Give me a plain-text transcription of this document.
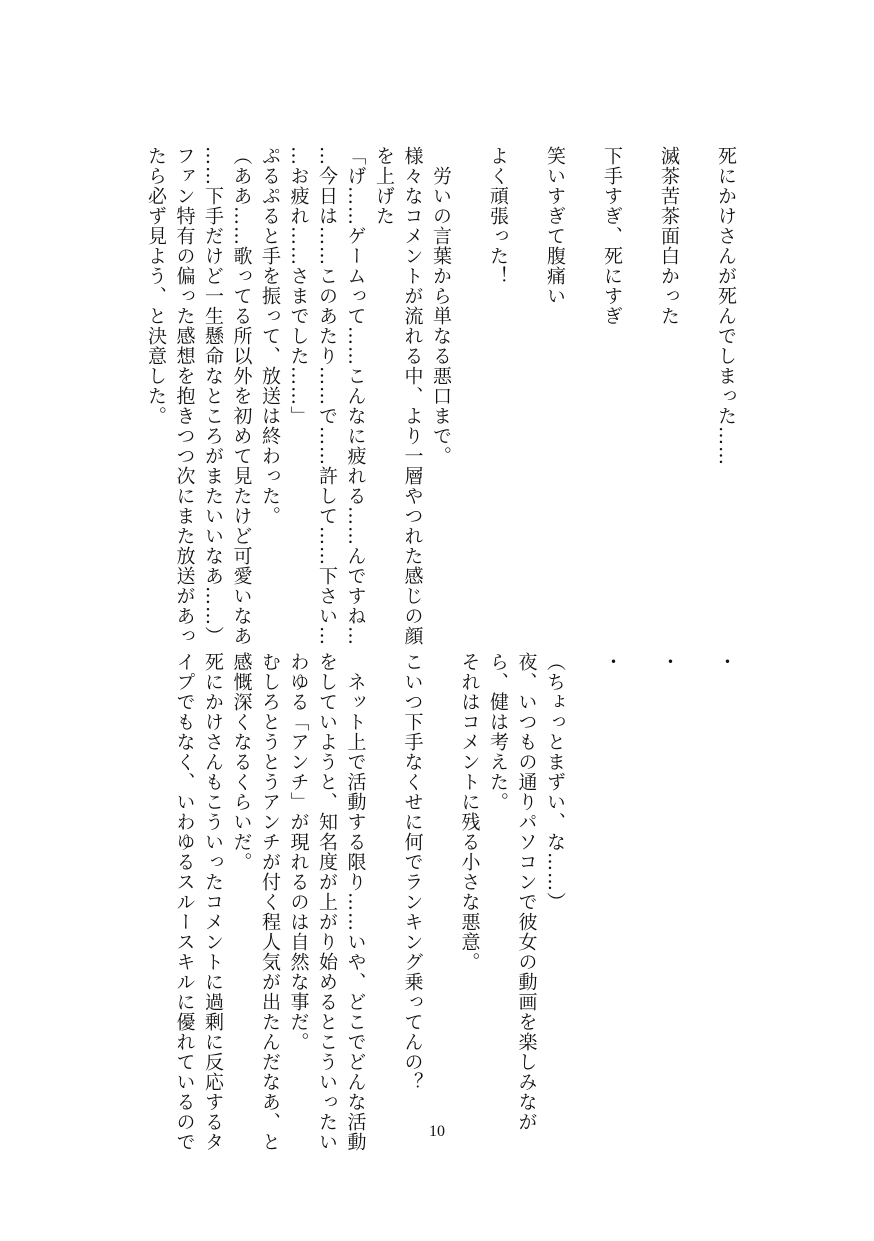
死にかけさんが死んでしまった……
滅茶苦茶面白かった
下手すぎ、死にすぎ
笑いすぎて腹痛い
よく頑張った！
　労いの言葉から単なる悪口まで。
様々なコメントが流れる中、より一層やつれた感じの顔
を上げた
「げ……ゲームって……こんなに疲れる……んですね…
…今日は……このあたり……で……許して……下さい…
…お疲れ……さまでした……」
ぷるぷると手を振って、放送は終わった。
（ああ……歌ってる所以外を初めて見たけど可愛いなあ
……下手だけど一生懸命なところがまたいいなあ……）
ファン特有の偏った感想を抱きつつ次にまた放送があっ
たら必ず見よう、と決意した。
・
・
・
（ちょっとまずい、な……）
夜、いつもの通りパソコンで彼女の動画を楽しみなが
ら、健は考えた。
それはコメントに残る小さな悪意。
こいつ下手なくせに何でランキング乗ってんの？
　ネット上で活動する限り……いや、どこでどんな活動
をしていようと、知名度が上がり始めるとこういったい
わゆる「アンチ」が現れるのは自然な事だ。
むしろとうとうアンチが付く程人気が出たんだなあ、と
感慨深くなるくらいだ。
死にかけさんもこういったコメントに過剰に反応するタ
イプでもなく、いわゆるスルースキルに優れているので	10
